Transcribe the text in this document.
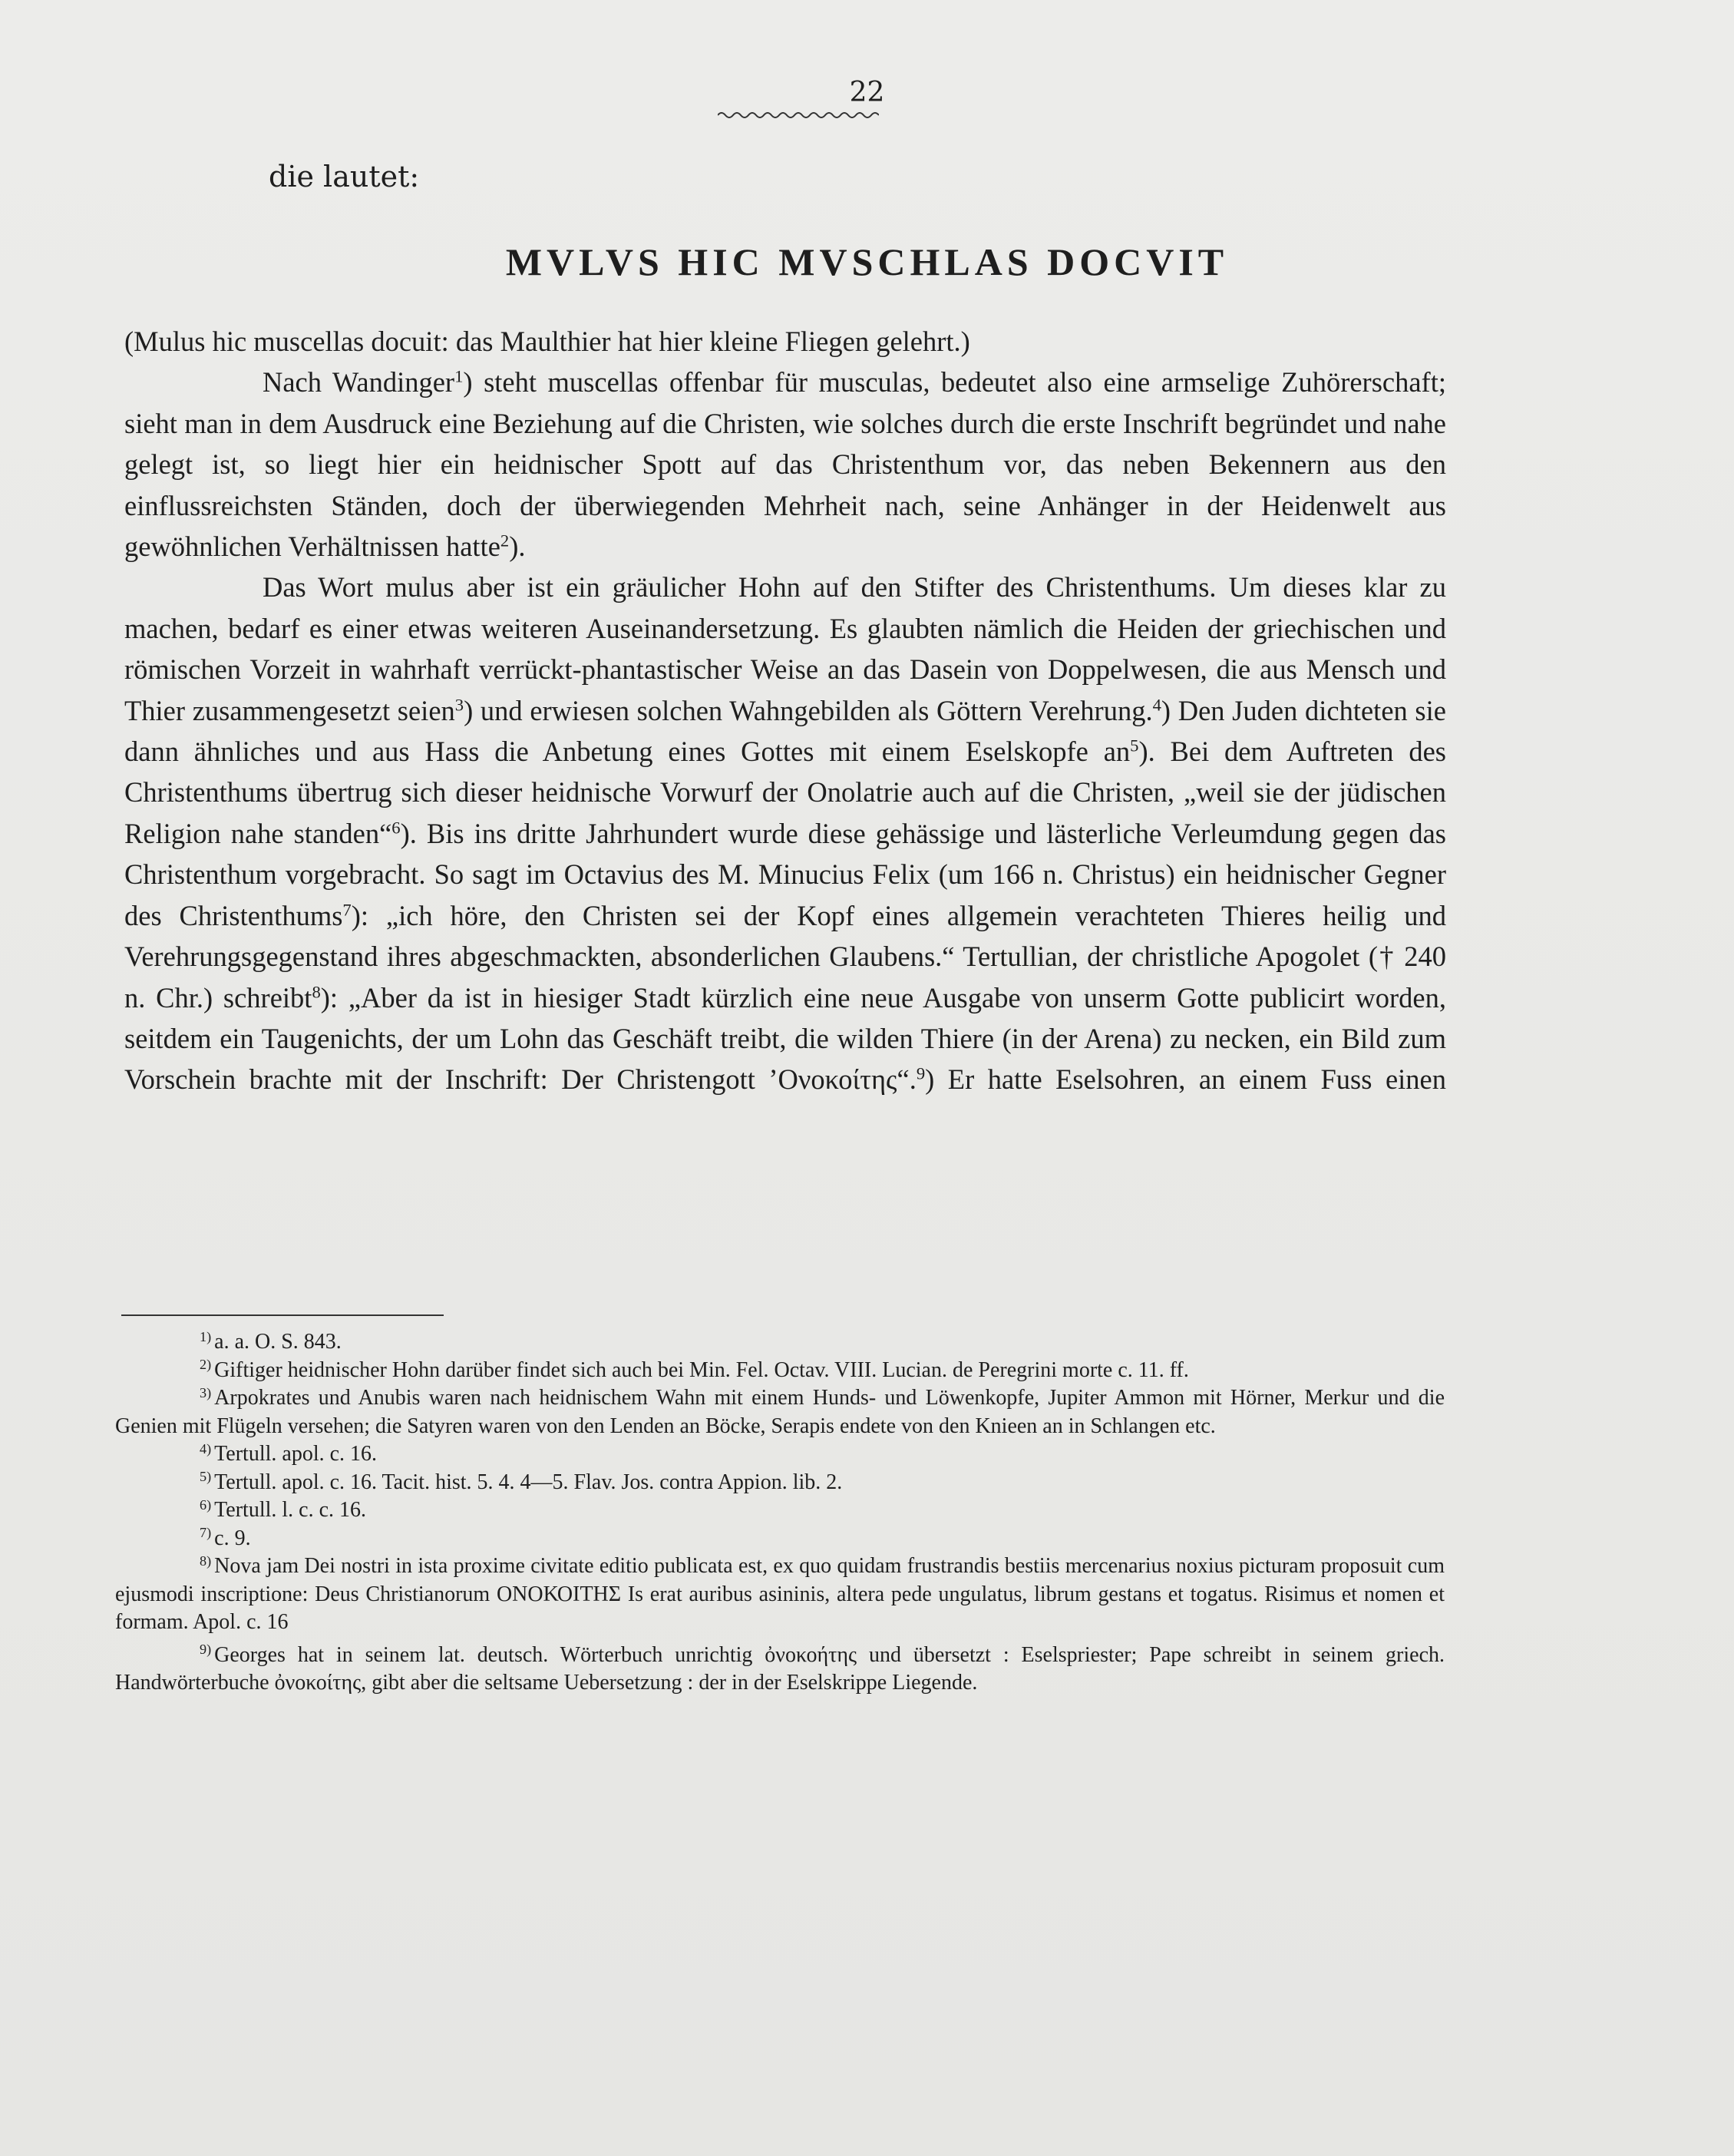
22
die lautet:
MVLVS HIC MVSCHLAS DOCVIT

(Mulus hic muscellas docuit: das Maulthier hat hier kleine Fliegen gelehrt.)

Nach Wandinger$^1$) steht muscellas offenbar für musculas, bedeutet also eine armselige Zuhörerschaft; sieht man in dem Ausdruck eine Beziehung auf die Christen, wie solches durch die erste Inschrift begründet und nahe gelegt ist, so liegt hier ein heidnischer Spott auf das Christenthum vor, das neben Bekennern aus den einflussreichsten Ständen, doch der überwiegenden Mehrheit nach, seine Anhänger in der Heidenwelt aus gewöhnlichen Verhältnissen hatte$^2$).

Das Wort mulus aber ist ein gräulicher Hohn auf den Stifter des Christenthums. Um dieses klar zu machen, bedarf es einer etwas weiteren Auseinandersetzung. Es glaubten nämlich die Heiden der griechischen und römischen Vorzeit in wahrhaft verrückt-phantastischer Weise an das Dasein von Doppelwesen, die aus Mensch und Thier zusammengesetzt seien$^3$) und erwiesen solchen Wahngebilden als Göttern Verehrung.$^4$) Den Juden dichteten sie dann ähnliches und aus Hass die Anbetung eines Gottes mit einem Eselskopfe $an^5$). Bei dem Auftreten des Christenthums übertrug sich dieser heidnische Vorwurf der Onolatrie auch auf die Christen, „weil sie der jüdischen Religion nahe standen“$^6$). Bis ins dritte Jahrhundert wurde diese gehässige und lästerliche Verleumdung gegen das Christenthum vorgebracht. So sagt im Octavius des M. Minucius Felix (um 166 n. Christus) ein heidnischer Gegner des Christenthums$^7$): „ich höre, den Christen sei der Kopf eines allgemein verachteten Thieres heilig und Verehrungsgegenstand ihres abgeschmackten, absonderlichen Glaubens.“ Tertullian, der christliche Apogolet († 240 n. Chr.) schreibt$^8$): „Aber da ist in hiesiger Stadt kürzlich eine neue Ausgabe von unserm Gotte publicirt worden, seitdem ein Taugenichts, der um Lohn das Geschäft treibt, die wilden Thiere (in der Arena) zu necken, ein Bild zum Vorschein brachte mit der Inschrift: Der Christengott ’Ονοκοίτης“.$^9$) Er hatte Eselsohren, an einem Fuss einen

$^{1)}$ a. a. O. S. 843.

$^{2)}$ Giftiger heidnischer Hohn darüber findet sich auch bei Min. Fel. Octav. VIII. Lucian. de Peregrini morte c. 11. ff.

$^{3)}$ Arpokrates und Anubis waren nach heidnischem Wahn mit einem Hunds- und Löwenkopfe, Jupiter Ammon mit Hörner, Merkur und die Genien mit Flügeln versehen; die Satyren waren von den Lenden an Böcke, Serapis endete von den Knieen an in Schlangen etc.

$^{4)}$ Tertull. apol. c. 16.

$^{5)}$ Tertull. apol. c. 16. Tacit. hist. 5. 4. 4—5. Flav. Jos. contra Appion. lib. 2.

$^{6)}$ Tertull. l. c. c. 16.

$^{7)}$ c. 9.

$^{8)}$ Nova jam Dei nostri in ista proxime civitate editio publicata est, ex quo quidam frustrandis bestiis mercenarius noxius picturam proposuit cum ejusmodi inscriptione: Deus Christianorum ΟΝΟΚΟΙΤΗΣ Is erat auribus asininis, altera pede ungulatus, librum gestans et togatus. Risimus et nomen et formam. Apol. c. 16

$^{9)}$ Georges hat in seinem lat. deutsch. Wörterbuch unrichtig ὀνοκοήτης und übersetzt : Eselspriester; Pape schreibt in seinem griech. Handwörterbuche ὀνοκοίτης, gibt aber die seltsame Uebersetzung : der in der Eselskrippe Liegende.
